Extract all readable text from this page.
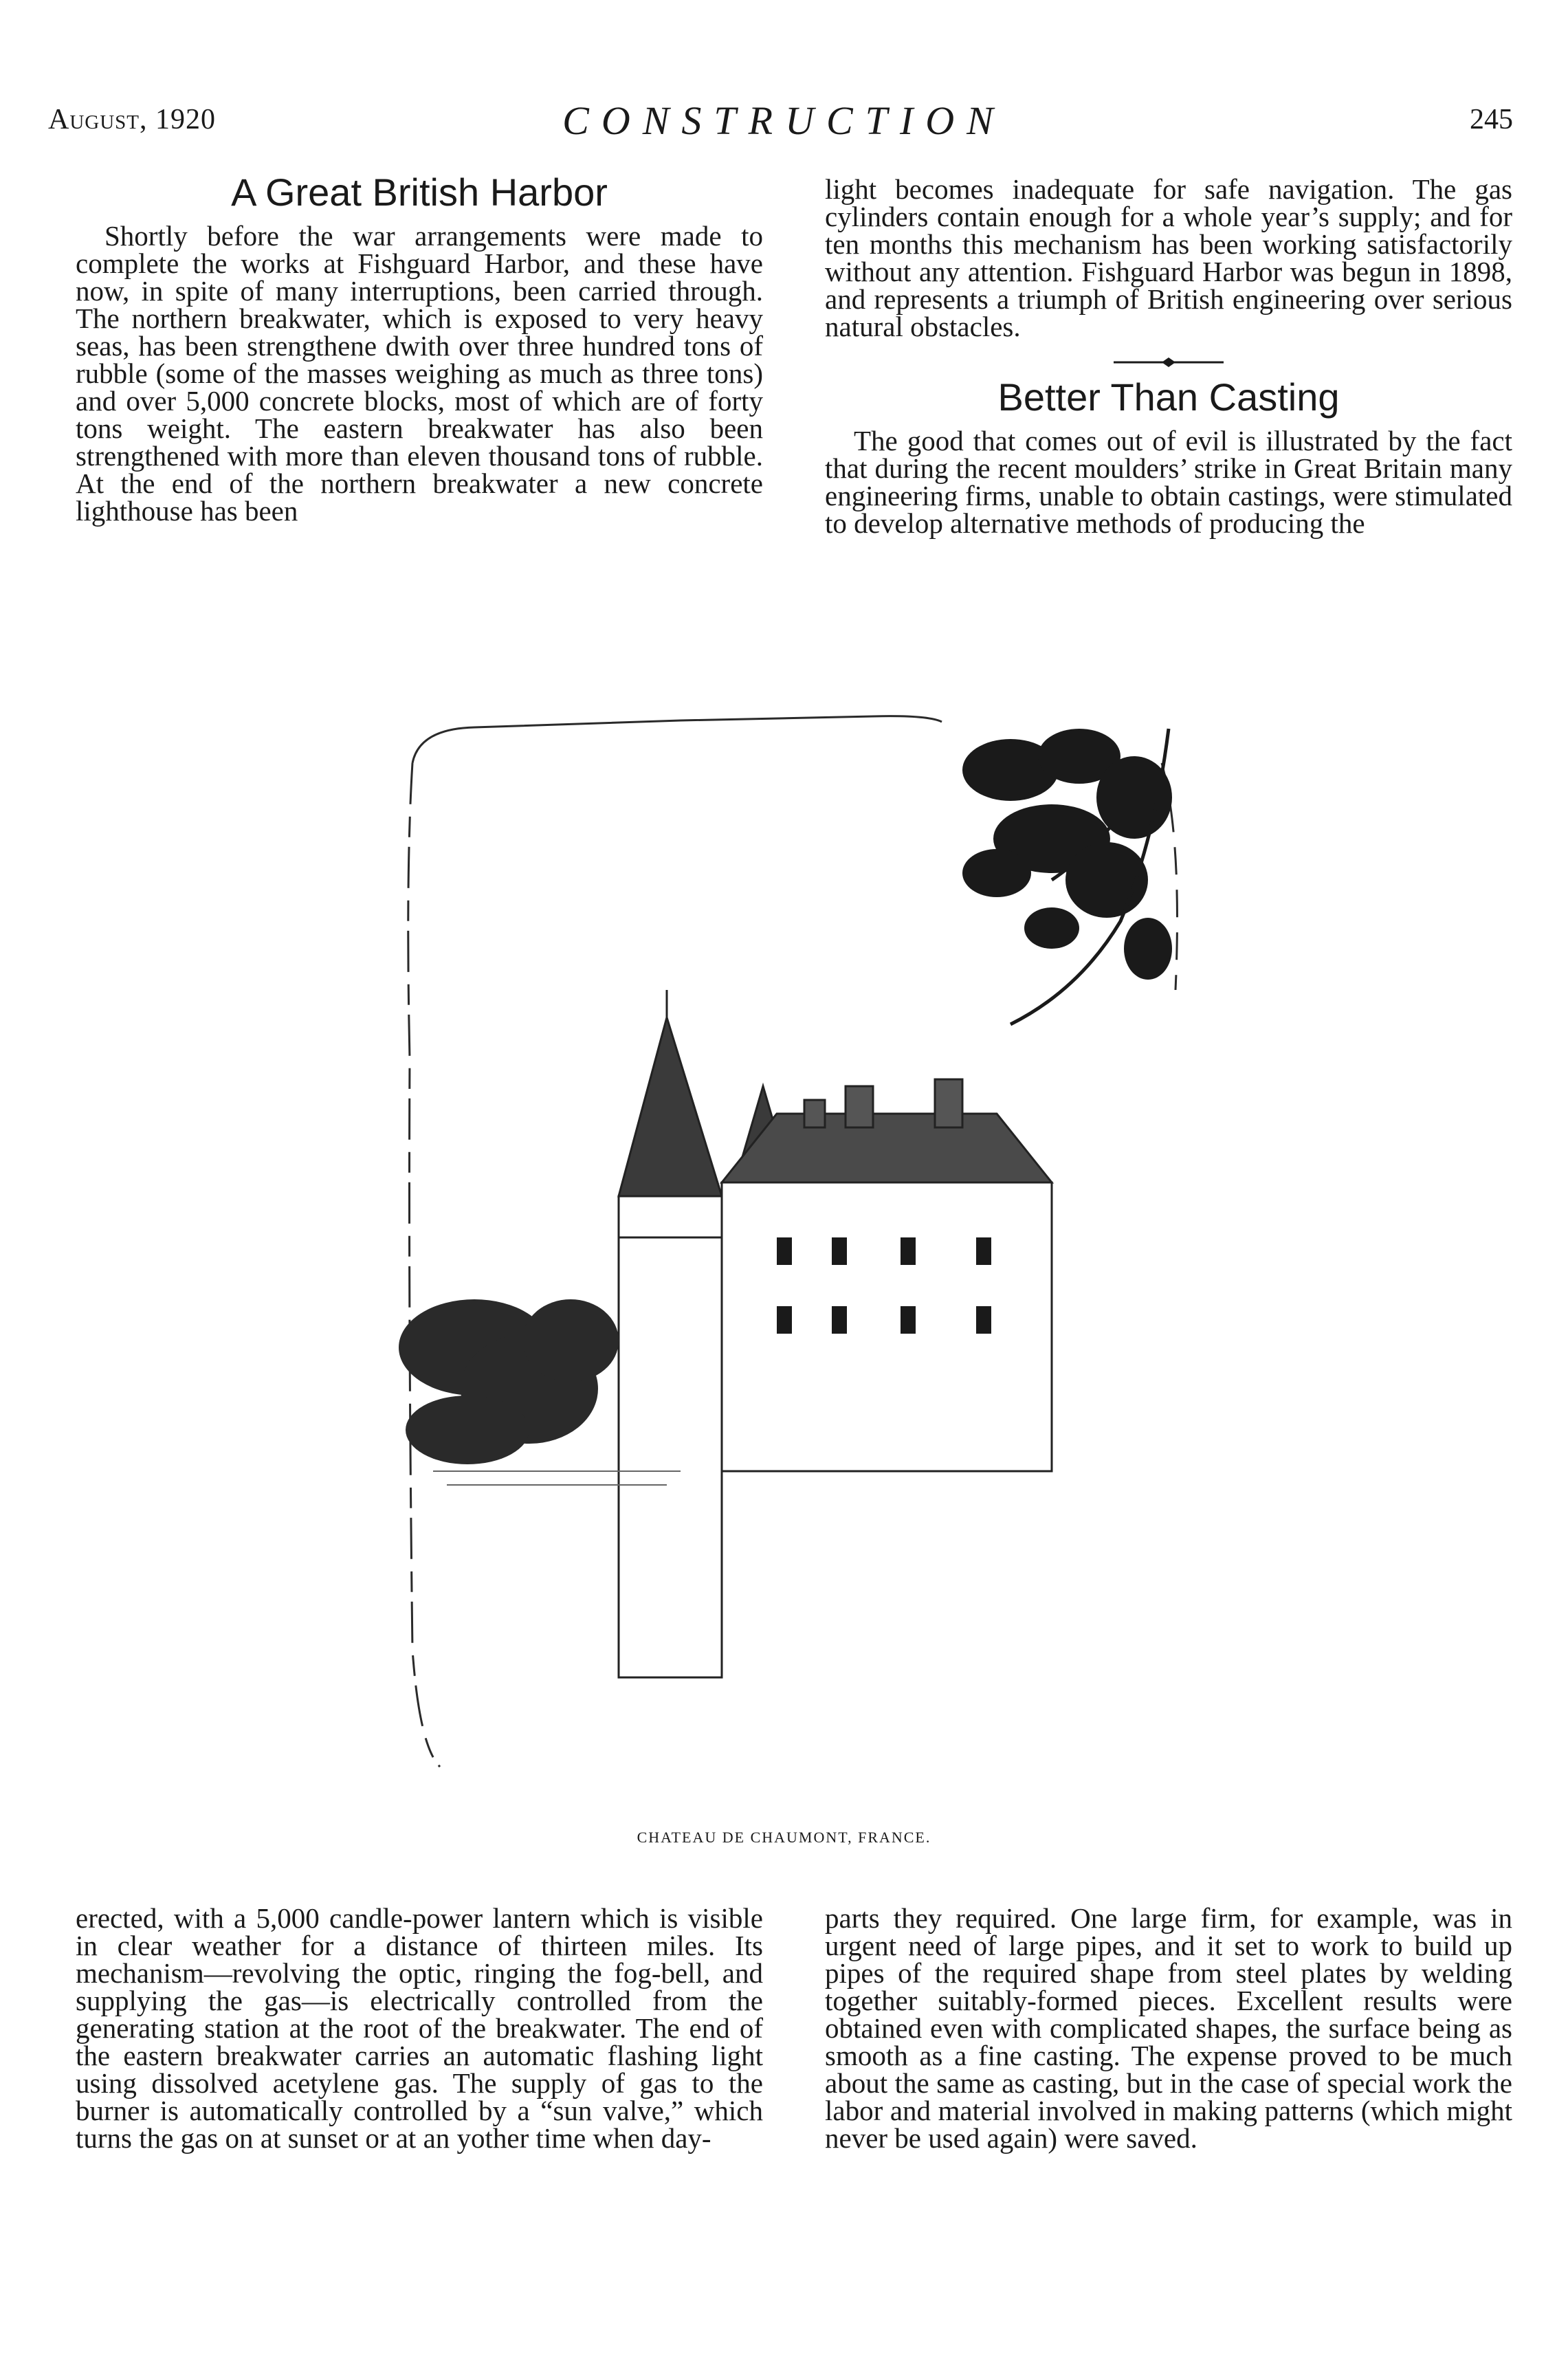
August, 1920	CONSTRUCTION	245
A Great British Harbor

Shortly before the war arrangements were made to complete the works at Fishguard Harbor, and these have now, in spite of many interruptions, been carried through. The northern breakwater, which is exposed to very heavy seas, has been strengthene dwith over three hundred tons of rubble (some of the masses weighing as much as three tons) and over 5,000 concrete blocks, most of which are of forty tons weight. The eastern breakwater has also been strengthened with more than eleven thousand tons of rubble. At the end of the northern breakwater a new concrete lighthouse has been

light becomes inadequate for safe navigation. The gas cylinders contain enough for a whole year’s supply; and for ten months this mechanism has been working satisfactorily without any attention. Fishguard Harbor was begun in 1898, and represents a triumph of British engineering over serious natural obstacles.

Better Than Casting

The good that comes out of evil is illustrated by the fact that during the recent moulders’ strike in Great Britain many engineering firms, unable to obtain castings, were stimulated to develop alternative methods of producing the

CHATEAU DE CHAUMONT, FRANCE.

erected, with a 5,000 candle-power lantern which is visible in clear weather for a distance of thirteen miles. Its mechanism—revolving the optic, ringing the fog-bell, and supplying the gas—is electrically controlled from the generating station at the root of the breakwater. The end of the eastern breakwater carries an automatic flashing light using dissolved acetylene gas. The supply of gas to the burner is automatically controlled by a “sun valve,” which turns the gas on at sunset or at an yother time when day-

parts they required. One large firm, for example, was in urgent need of large pipes, and it set to work to build up pipes of the required shape from steel plates by welding together suitably-formed pieces. Excellent results were obtained even with complicated shapes, the surface being as smooth as a fine casting. The expense proved to be much about the same as casting, but in the case of special work the labor and material involved in making patterns (which might never be used again) were saved.
